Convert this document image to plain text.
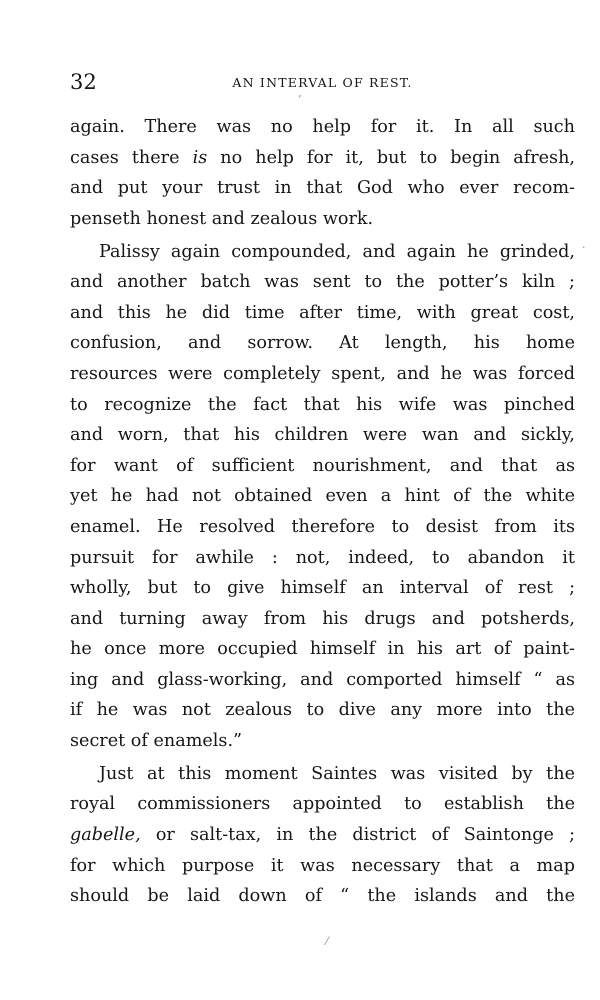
32	AN INTERVAL OF REST.
again. There was no help for it. In all such
cases there is no help for it, but to begin afresh,
and put your trust in that God who ever recom-
penseth honest and zealous work.
Palissy again compounded, and again he grinded,
and another batch was sent to the potter’s kiln ;
and this he did time after time, with great cost,
confusion, and sorrow. At length, his home
resources were completely spent, and he was forced
to recognize the fact that his wife was pinched
and worn, that his children were wan and sickly,
for want of sufficient nourishment, and that as
yet he had not obtained even a hint of the white
enamel. He resolved therefore to desist from its
pursuit for awhile : not, indeed, to abandon it
wholly, but to give himself an interval of rest ;
and turning away from his drugs and potsherds,
he once more occupied himself in his art of paint-
ing and glass-working, and comported himself “ as
if he was not zealous to dive any more into the
secret of enamels.”
Just at this moment Saintes was visited by the
royal commissioners appointed to establish the
gabelle, or salt-tax, in the district of Saintonge ;
for which purpose it was necessary that a map
should be laid down of “ the islands and the
‘
·
⁄
